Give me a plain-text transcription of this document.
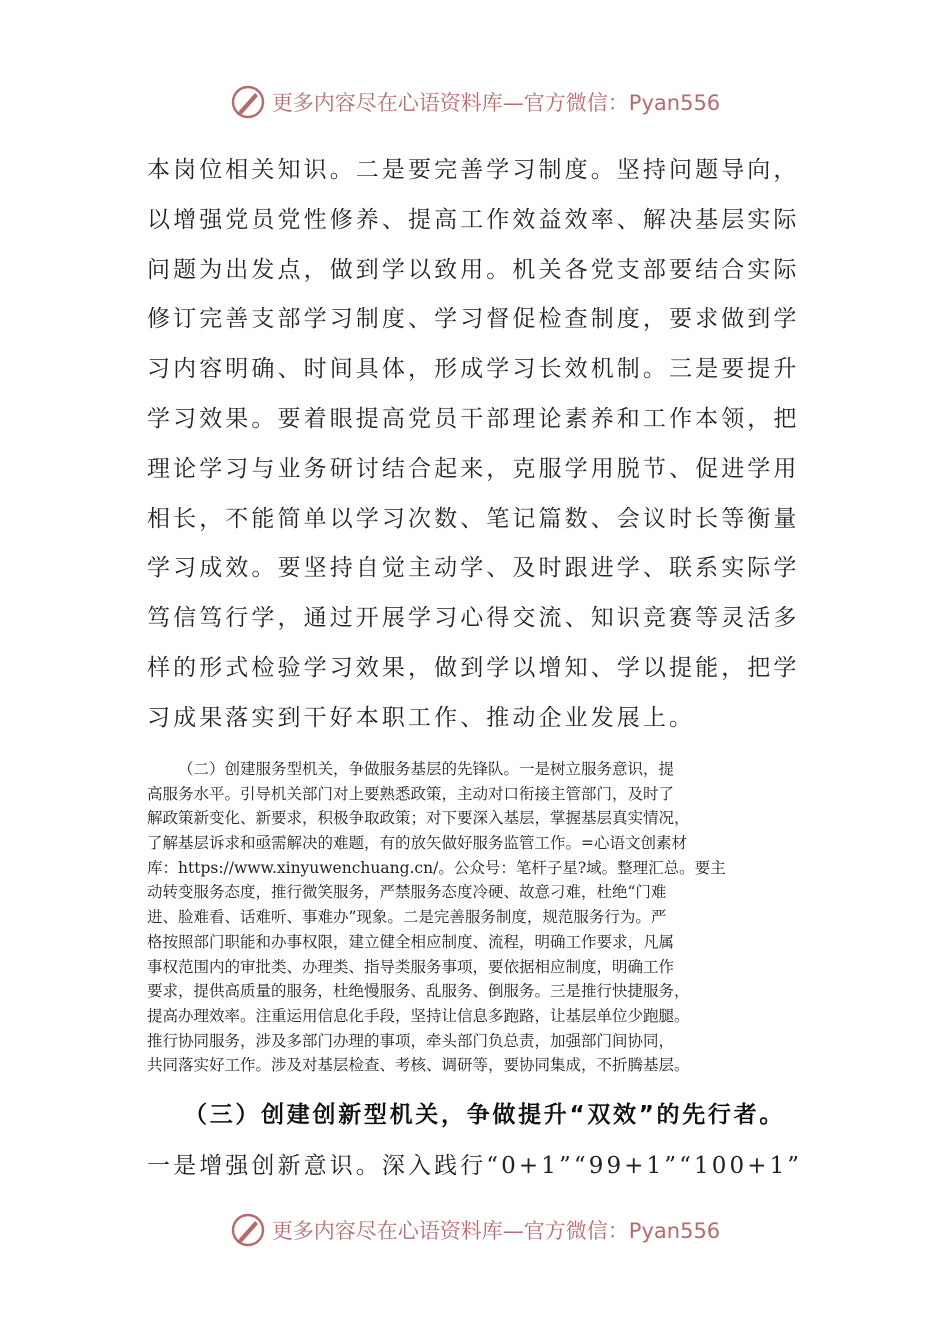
更多内容尽在心语资料库—官方微信：Pyan556
本岗位相关知识。二是要完善学习制度。坚持问题导向，
以增强党员党性修养、提高工作效益效率、解决基层实际
问题为出发点，做到学以致用。机关各党支部要结合实际
修订完善支部学习制度、学习督促检查制度，要求做到学
习内容明确、时间具体，形成学习长效机制。三是要提升
学习效果。要着眼提高党员干部理论素养和工作本领，把
理论学习与业务研讨结合起来，克服学用脱节、促进学用
相长，不能简单以学习次数、笔记篇数、会议时长等衡量
学习成效。要坚持自觉主动学、及时跟进学、联系实际学
笃信笃行学，通过开展学习心得交流、知识竞赛等灵活多
样的形式检验学习效果，做到学以增知、学以提能，把学
习成果落实到干好本职工作、推动企业发展上。
（二）创建服务型机关，争做服务基层的先锋队。一是树立服务意识，提
高服务水平。引导机关部门对上要熟悉政策，主动对口衔接主管部门，及时了
解政策新变化、新要求，积极争取政策；对下要深入基层，掌握基层真实情况，
了解基层诉求和亟需解决的难题，有的放矢做好服务监管工作。=心语文创素材
库：https://www.xinyuwenchuang.cn/。公众号：笔杆子星?域。整理汇总。要主
动转变服务态度，推行微笑服务，严禁服务态度冷硬、故意刁难，杜绝“门难
进、脸难看、话难听、事难办”现象。二是完善服务制度，规范服务行为。严
格按照部门职能和办事权限，建立健全相应制度、流程，明确工作要求，凡属
事权范围内的审批类、办理类、指导类服务事项，要依据相应制度，明确工作
要求，提供高质量的服务，杜绝慢服务、乱服务、倒服务。三是推行快捷服务，
提高办理效率。注重运用信息化手段，坚持让信息多跑路，让基层单位少跑腿。
推行协同服务，涉及多部门办理的事项，牵头部门负总责，加强部门间协同，
共同落实好工作。涉及对基层检查、考核、调研等，要协同集成，不折腾基层。
（三）创建创新型机关，争做提升“双效”的先行者。
一是增强创新意识。深入践行“0+1”“99+1”“100+1”
更多内容尽在心语资料库—官方微信：Pyan556
